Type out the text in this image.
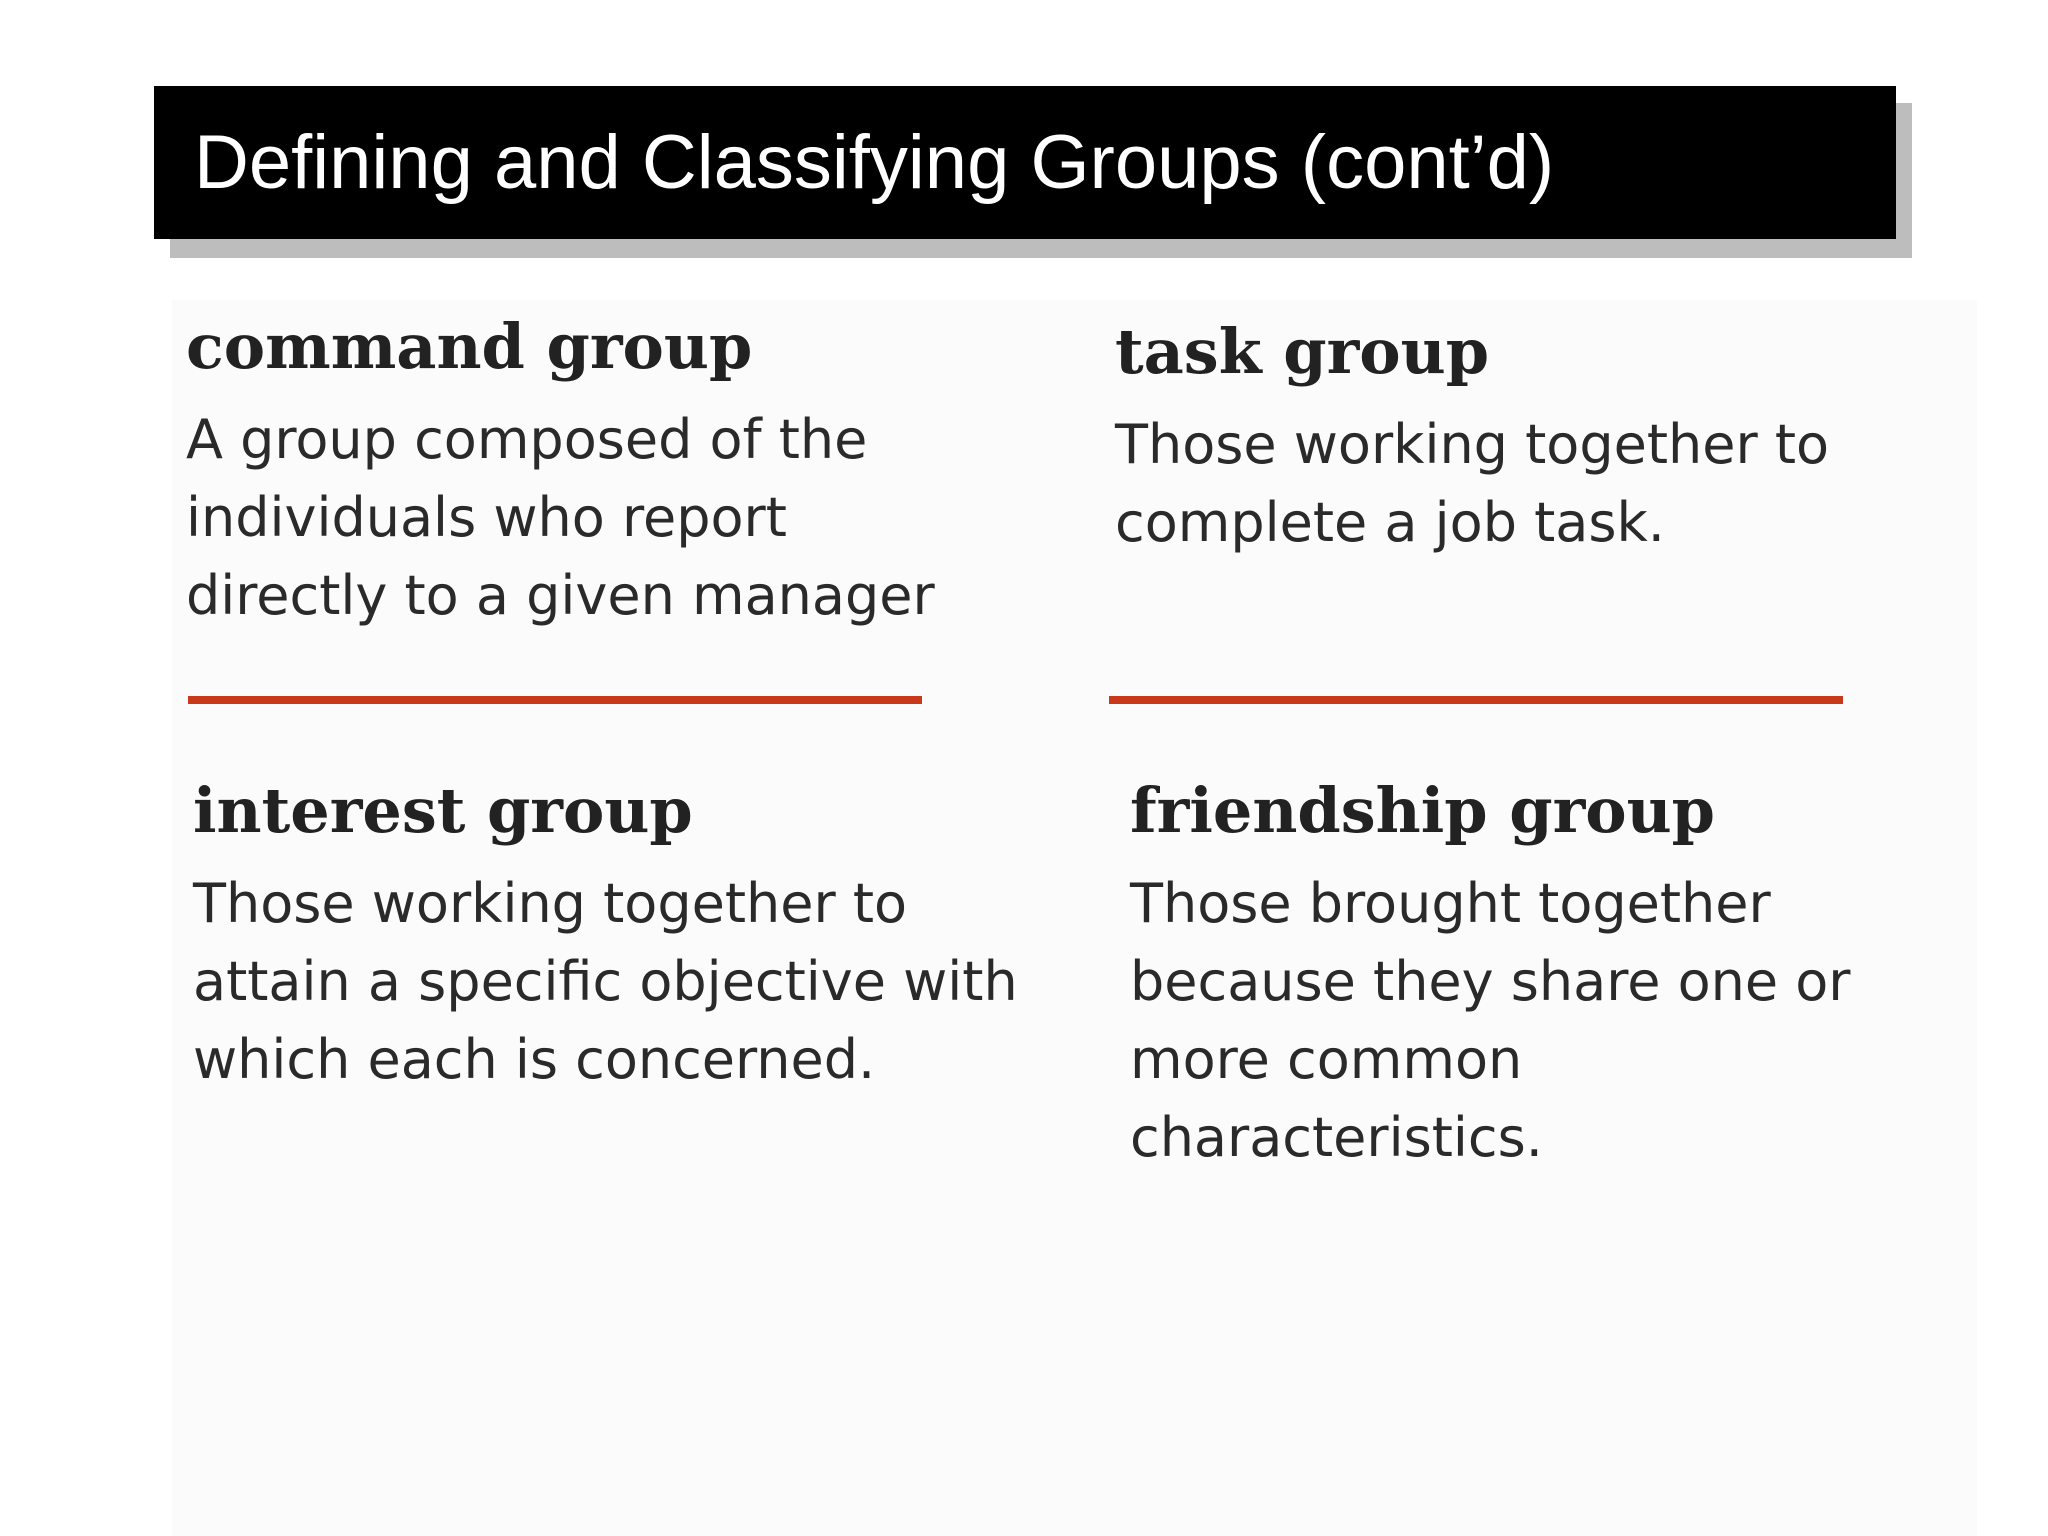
Defining and Classifying Groups (cont’d)

command group

A group composed of the
individuals who report
directly to a given manager

task group

Those working together to
complete a job task.

interest group

Those working together to
attain a specific objective with
which each is concerned.

friendship group

Those brought together
because they share one or
more common
characteristics.
